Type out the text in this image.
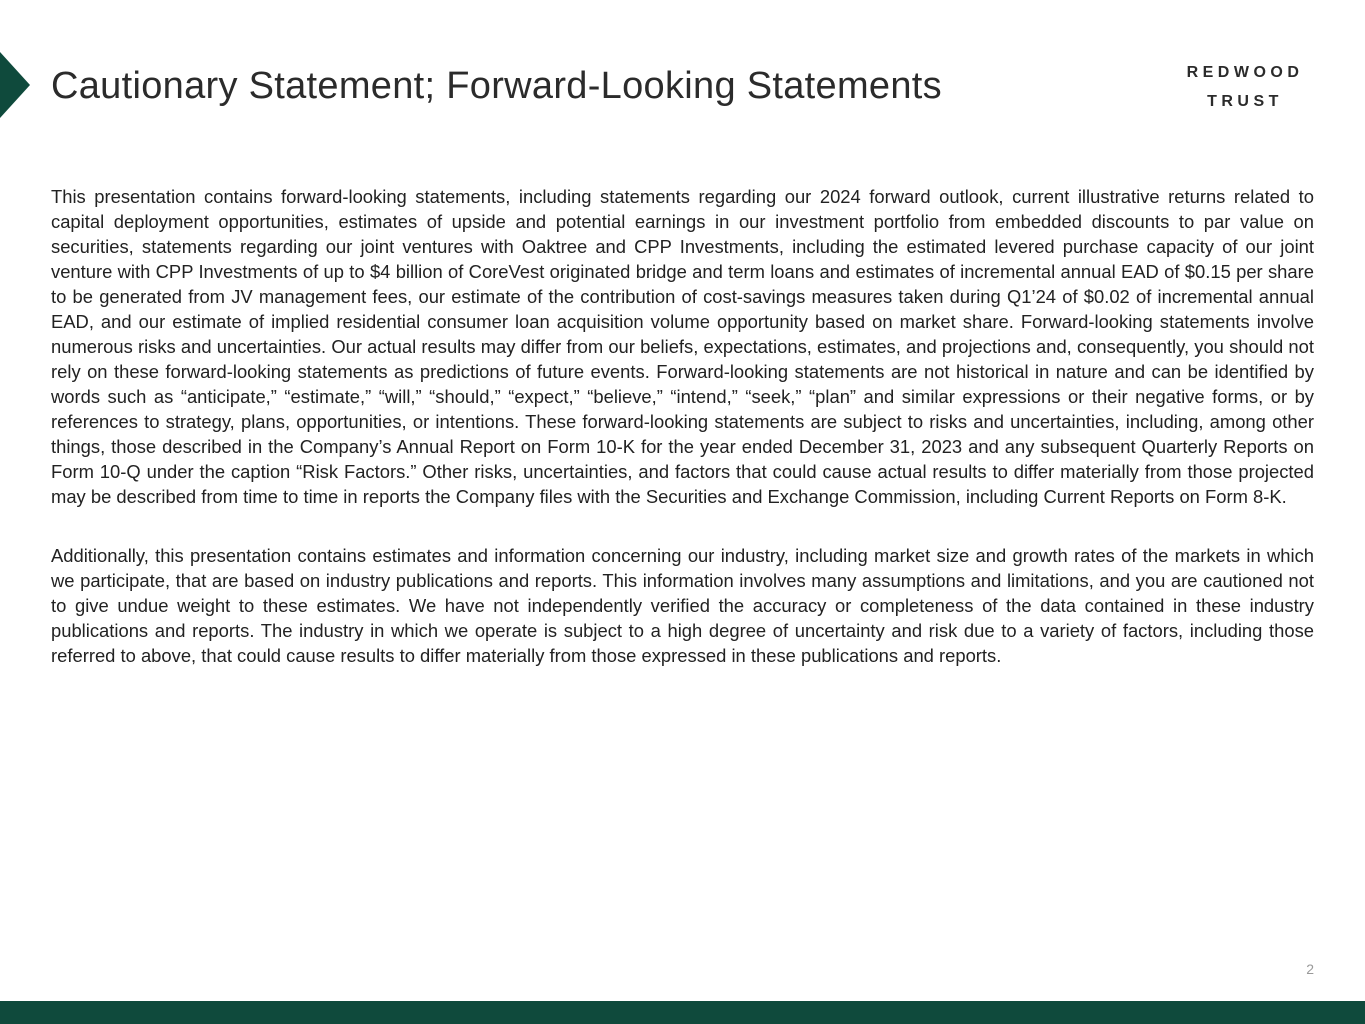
Cautionary Statement; Forward-Looking Statements	REDWOOD
TRUST

This presentation contains forward-looking statements, including statements regarding our 2024 forward outlook, current illustrative returns related to capital deployment opportunities, estimates of upside and potential earnings in our investment portfolio from embedded discounts to par value on securities, statements regarding our joint ventures with Oaktree and CPP Investments, including the estimated levered purchase capacity of our joint venture with CPP Investments of up to $4 billion of CoreVest originated bridge and term loans and estimates of incremental annual EAD of $0.15 per share to be generated from JV management fees, our estimate of the contribution of cost-savings measures taken during Q1’24 of $0.02 of incremental annual EAD, and our estimate of implied residential consumer loan acquisition volume opportunity based on market share. Forward-looking statements involve numerous risks and uncertainties. Our actual results may differ from our beliefs, expectations, estimates, and projections and, consequently, you should not rely on these forward-looking statements as predictions of future events. Forward-looking statements are not historical in nature and can be identified by words such as “anticipate,” “estimate,” “will,” “should,” “expect,” “believe,” “intend,” “seek,” “plan” and similar expressions or their negative forms, or by references to strategy, plans, opportunities, or intentions. These forward-looking statements are subject to risks and uncertainties, including, among other things, those described in the Company’s Annual Report on Form 10-K for the year ended December 31, 2023 and any subsequent Quarterly Reports on Form 10-Q under the caption “Risk Factors.” Other risks, uncertainties, and factors that could cause actual results to differ materially from those projected may be described from time to time in reports the Company files with the Securities and Exchange Commission, including Current Reports on Form 8-K.

Additionally, this presentation contains estimates and information concerning our industry, including market size and growth rates of the markets in which we participate, that are based on industry publications and reports. This information involves many assumptions and limitations, and you are cautioned not to give undue weight to these estimates. We have not independently verified the accuracy or completeness of the data contained in these industry publications and reports. The industry in which we operate is subject to a high degree of uncertainty and risk due to a variety of factors, including those referred to above, that could cause results to differ materially from those expressed in these publications and reports.

2
